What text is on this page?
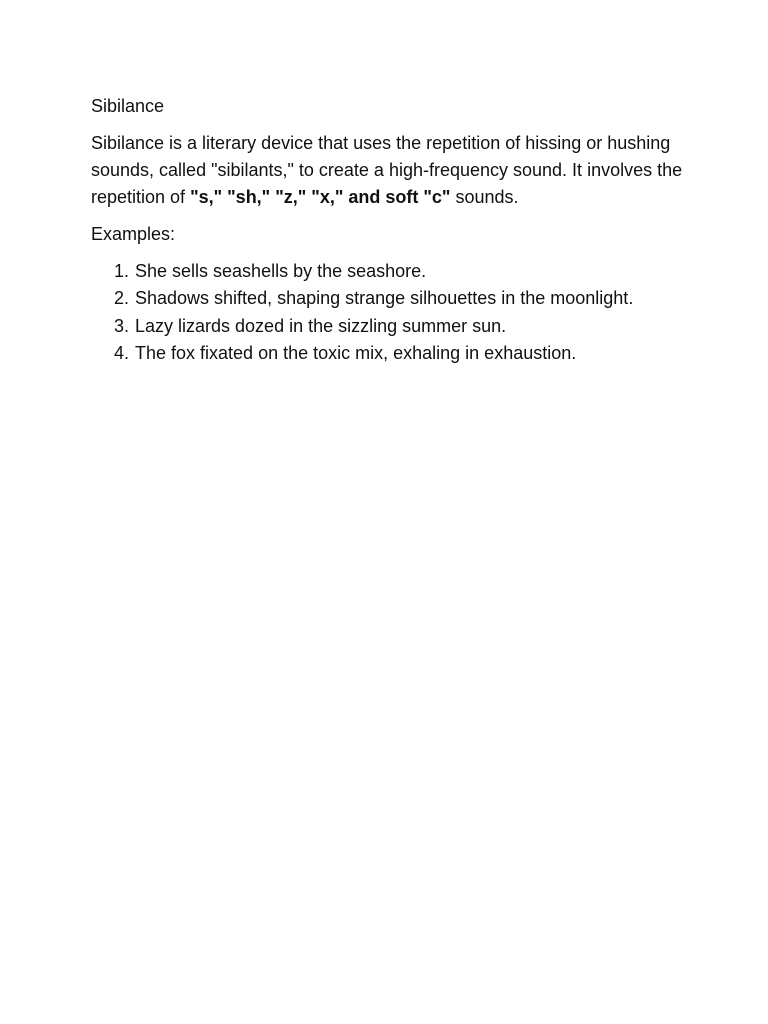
Sibilance

Sibilance is a literary device that uses the repetition of hissing or hushing sounds, called "sibilants," to create a high-frequency sound. It involves the repetition of "s," "sh," "z," "x," and soft "c" sounds.

Examples:

1. She sells seashells by the seashore.
2. Shadows shifted, shaping strange silhouettes in the moonlight.
3. Lazy lizards dozed in the sizzling summer sun.
4. The fox fixated on the toxic mix, exhaling in exhaustion.
